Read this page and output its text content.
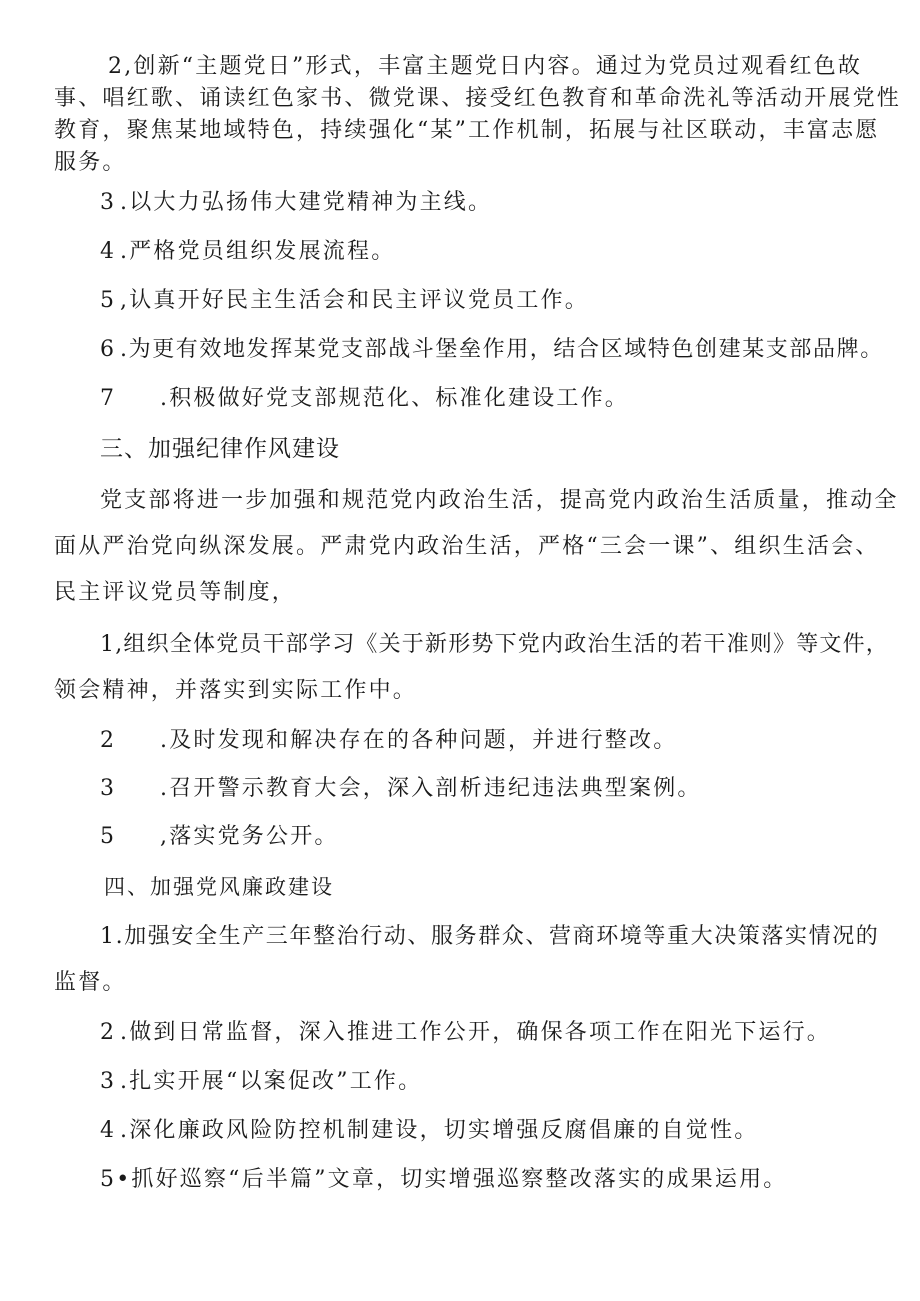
2,创新“主题党日”形式，丰富主题党日内容。通过为党员过观看红色故
事、唱红歌、诵读红色家书、微党课、接受红色教育和革命洗礼等活动开展党性
教育，聚焦某地域特色，持续强化“某”工作机制，拓展与社区联动，丰富志愿
服务。
3 .以大力弘扬伟大建党精神为主线。
4 .严格党员组织发展流程。
5 ,认真开好民主生活会和民主评议党员工作。
6 .为更有效地发挥某党支部战斗堡垒作用，结合区域特色创建某支部品牌。
7 .积极做好党支部规范化、标准化建设工作。
三、加强纪律作风建设
党支部将进一步加强和规范党内政治生活，提高党内政治生活质量，推动全
面从严治党向纵深发展。严肃党内政治生活，严格“三会一课”、组织生活会、
民主评议党员等制度，
1,组织全体党员干部学习《关于新形势下党内政治生活的若干准则》等文件，
领会精神，并落实到实际工作中。
2 .及时发现和解决存在的各种问题，并进行整改。
3 .召开警示教育大会，深入剖析违纪违法典型案例。
5 ,落实党务公开。
四、加强党风廉政建设
1.加强安全生产三年整治行动、服务群众、营商环境等重大决策落实情况的
监督。
2 .做到日常监督，深入推进工作公开，确保各项工作在阳光下运行。
3 .扎实开展“以案促改”工作。
4 .深化廉政风险防控机制建设，切实增强反腐倡廉的自觉性。
5•抓好巡察“后半篇”文章，切实增强巡察整改落实的成果运用。
